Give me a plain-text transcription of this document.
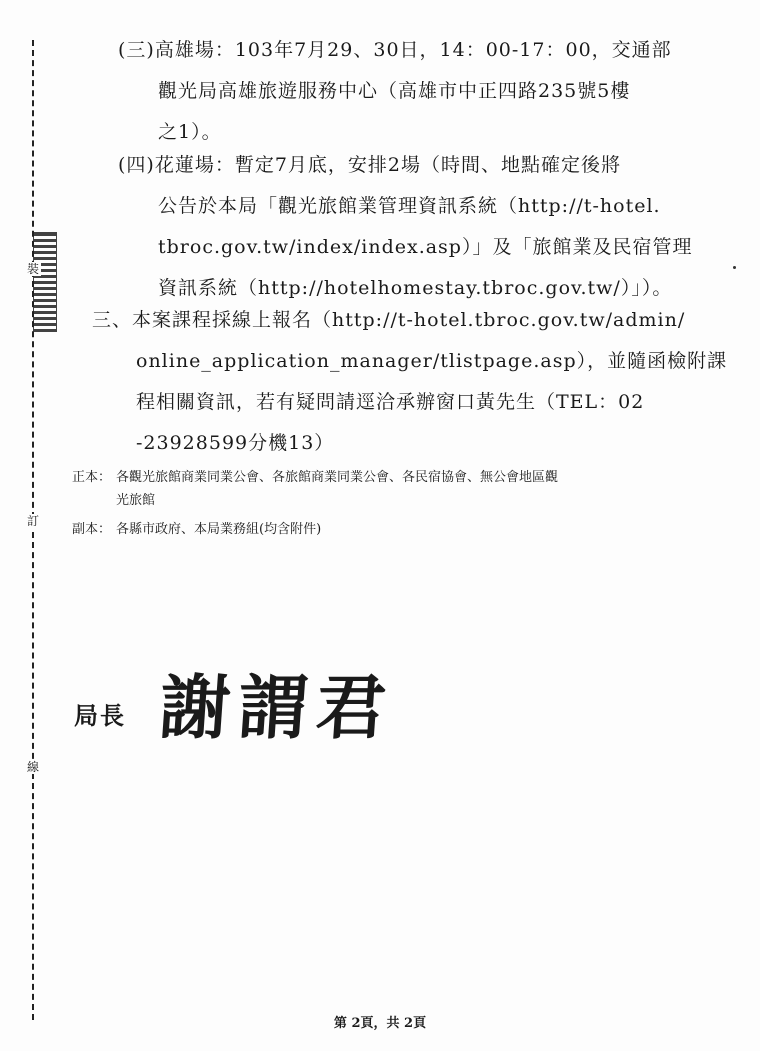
裝
訂
線
(三)高雄場：103年7月29、30日，14：00-17：00，交通部
觀光局高雄旅遊服務中心（高雄市中正四路235號5樓
之1）。
(四)花蓮場：暫定7月底，安排2場（時間、地點確定後將
公告於本局「觀光旅館業管理資訊系統（http://t-hotel.
tbroc.gov.tw/index/index.asp）」及「旅館業及民宿管理
資訊系統（http://hotelhomestay.tbroc.gov.tw/）」）。
三、本案課程採線上報名（http://t-hotel.tbroc.gov.tw/admin/
online_application_manager/tlistpage.asp），並隨函檢附課
程相關資訊，若有疑問請逕洽承辦窗口黃先生（TEL：02
-23928599分機13）
正本： 各觀光旅館商業同業公會、各旅館商業同業公會、各民宿協會、無公會地區觀
光旅館
副本： 各縣市政府、本局業務組(均含附件)
局長 謝謂君
第 2頁，共 2頁
